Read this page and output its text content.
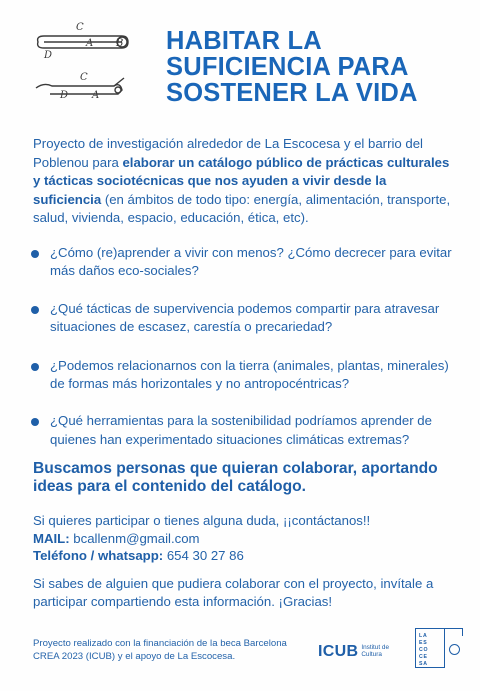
C
A B
D
C
D A
HABITAR LA SUFICIENCIA PARA SOSTENER LA VIDA

Proyecto de investigación alrededor de La Escocesa y el barrio del Poblenou para elaborar un catálogo público de prácticas culturales y tácticas sociotécnicas que nos ayuden a vivir desde la suficiencia (en ámbitos de todo tipo: energía, alimentación, transporte, salud, vivienda, espacio, educación, ética, etc).

¿Cómo (re)aprender a vivir con menos? ¿Cómo decrecer para evitar más daños eco-sociales?
¿Qué tácticas de supervivencia podemos compartir para atravesar situaciones de escasez, carestía o precariedad?
¿Podemos relacionarnos con la tierra (animales, plantas, minerales) de formas más horizontales y no antropocéntricas?
¿Qué herramientas para la sostenibilidad podríamos aprender de quienes han experimentado situaciones climáticas extremas?

Buscamos personas que quieran colaborar, aportando ideas para el contenido del catálogo.

Si quieres participar o tienes alguna duda, ¡¡contáctanos!!
MAIL: bcallenm@gmail.com
Teléfono / whatsapp: 654 30 27 86

Si sabes de alguien que pudiera colaborar con el proyecto, invítale a participar compartiendo esta información. ¡Gracias!

Proyecto realizado con la financiación de la beca Barcelona CREA 2023 (ICUB) y el apoyo de La Escocesa.	ICUB Institut de Cultura
LA
ES
CO
CE
SA
